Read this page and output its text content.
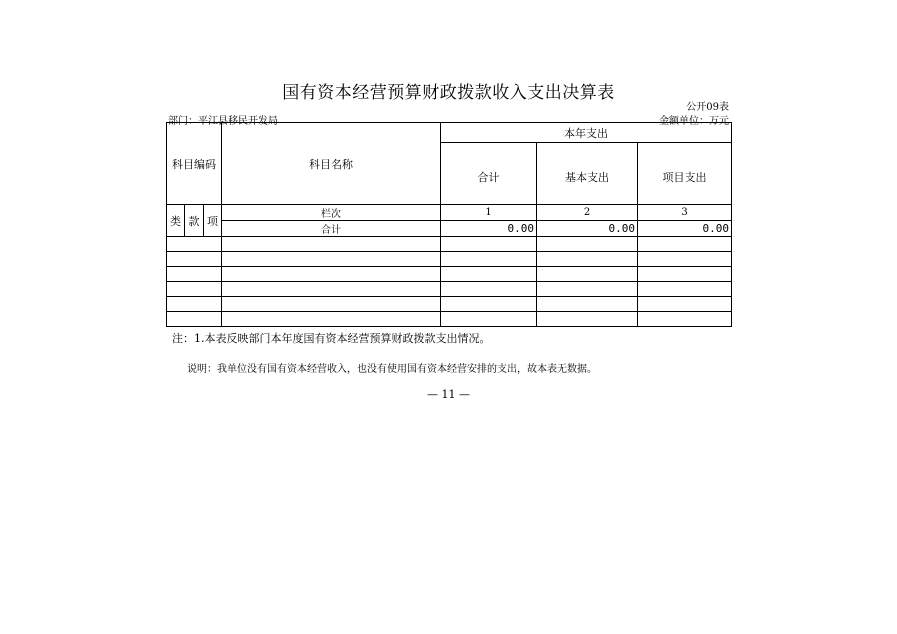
国有资本经营预算财政拨款收入支出决算表
公开09表
部门：平江县移民开发局	金额单位：万元
科目编码			科目名称	本年支出		
				合计	基本支出	项目支出
类	款	项	栏次	1	2	3
			合计	0.00	0.00	0.00

注：1.本表反映部门本年度国有资本经营预算财政拨款支出情况。
说明：我单位没有国有资本经营收入，也没有使用国有资本经营安排的支出，故本表无数据。
— 11 —
